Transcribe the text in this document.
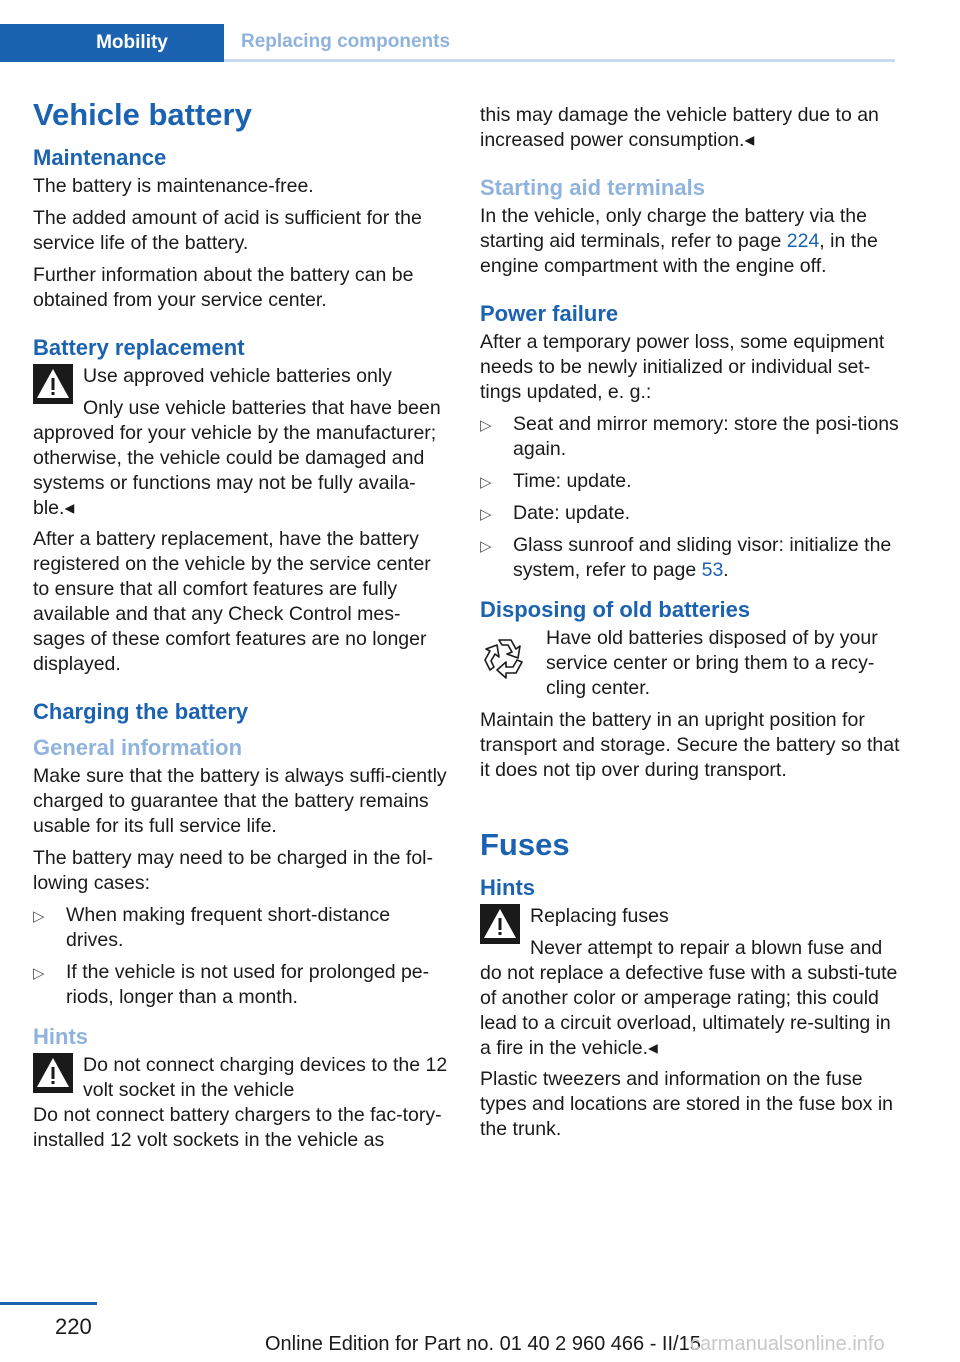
Mobility	Replacing components
Vehicle battery
Maintenance

The battery is maintenance-free.

The added amount of acid is sufficient for the service life of the battery.

Further information about the battery can be obtained from your service center.

Battery replacement
Use approved vehicle batteries only
Only use vehicle batteries that have been approved for your vehicle by the manufacturer; otherwise, the vehicle could be damaged and systems or functions may not be fully availa-ble.◂

After a battery replacement, have the battery registered on the vehicle by the service center to ensure that all comfort features are fully available and that any Check Control mes-sages of these comfort features are no longer displayed.

Charging the battery
General information

Make sure that the battery is always suffi-ciently charged to guarantee that the battery remains usable for its full service life.

The battery may need to be charged in the fol-lowing cases:

▷ When making frequent short-distance drives.
▷ If the vehicle is not used for prolonged pe-riods, longer than a month.
Hints
Do not connect charging devices to the 12 volt socket in the vehicle
Do not connect battery chargers to the fac-tory-installed 12 volt sockets in the vehicle as

this may damage the vehicle battery due to an increased power consumption.◂

Starting aid terminals

In the vehicle, only charge the battery via the starting aid terminals, refer to page 224, in the engine compartment with the engine off.

Power failure

After a temporary power loss, some equipment needs to be newly initialized or individual set-tings updated, e. g.:

▷ Seat and mirror memory: store the posi-tions again.
▷ Time: update.
▷ Date: update.
▷ Glass sunroof and sliding visor: initialize the system, refer to page 53.
Disposing of old batteries
Have old batteries disposed of by your service center or bring them to a recy-cling center.

Maintain the battery in an upright position for transport and storage. Secure the battery so that it does not tip over during transport.

Fuses
Hints
Replacing fuses
Never attempt to repair a blown fuse and do not replace a defective fuse with a substi-tute of another color or amperage rating; this could lead to a circuit overload, ultimately re-sulting in a fire in the vehicle.◂

Plastic tweezers and information on the fuse types and locations are stored in the fuse box in the trunk.

220
Online Edition for Part no. 01 40 2 960 466 - II/15
carmanualsonline.info
